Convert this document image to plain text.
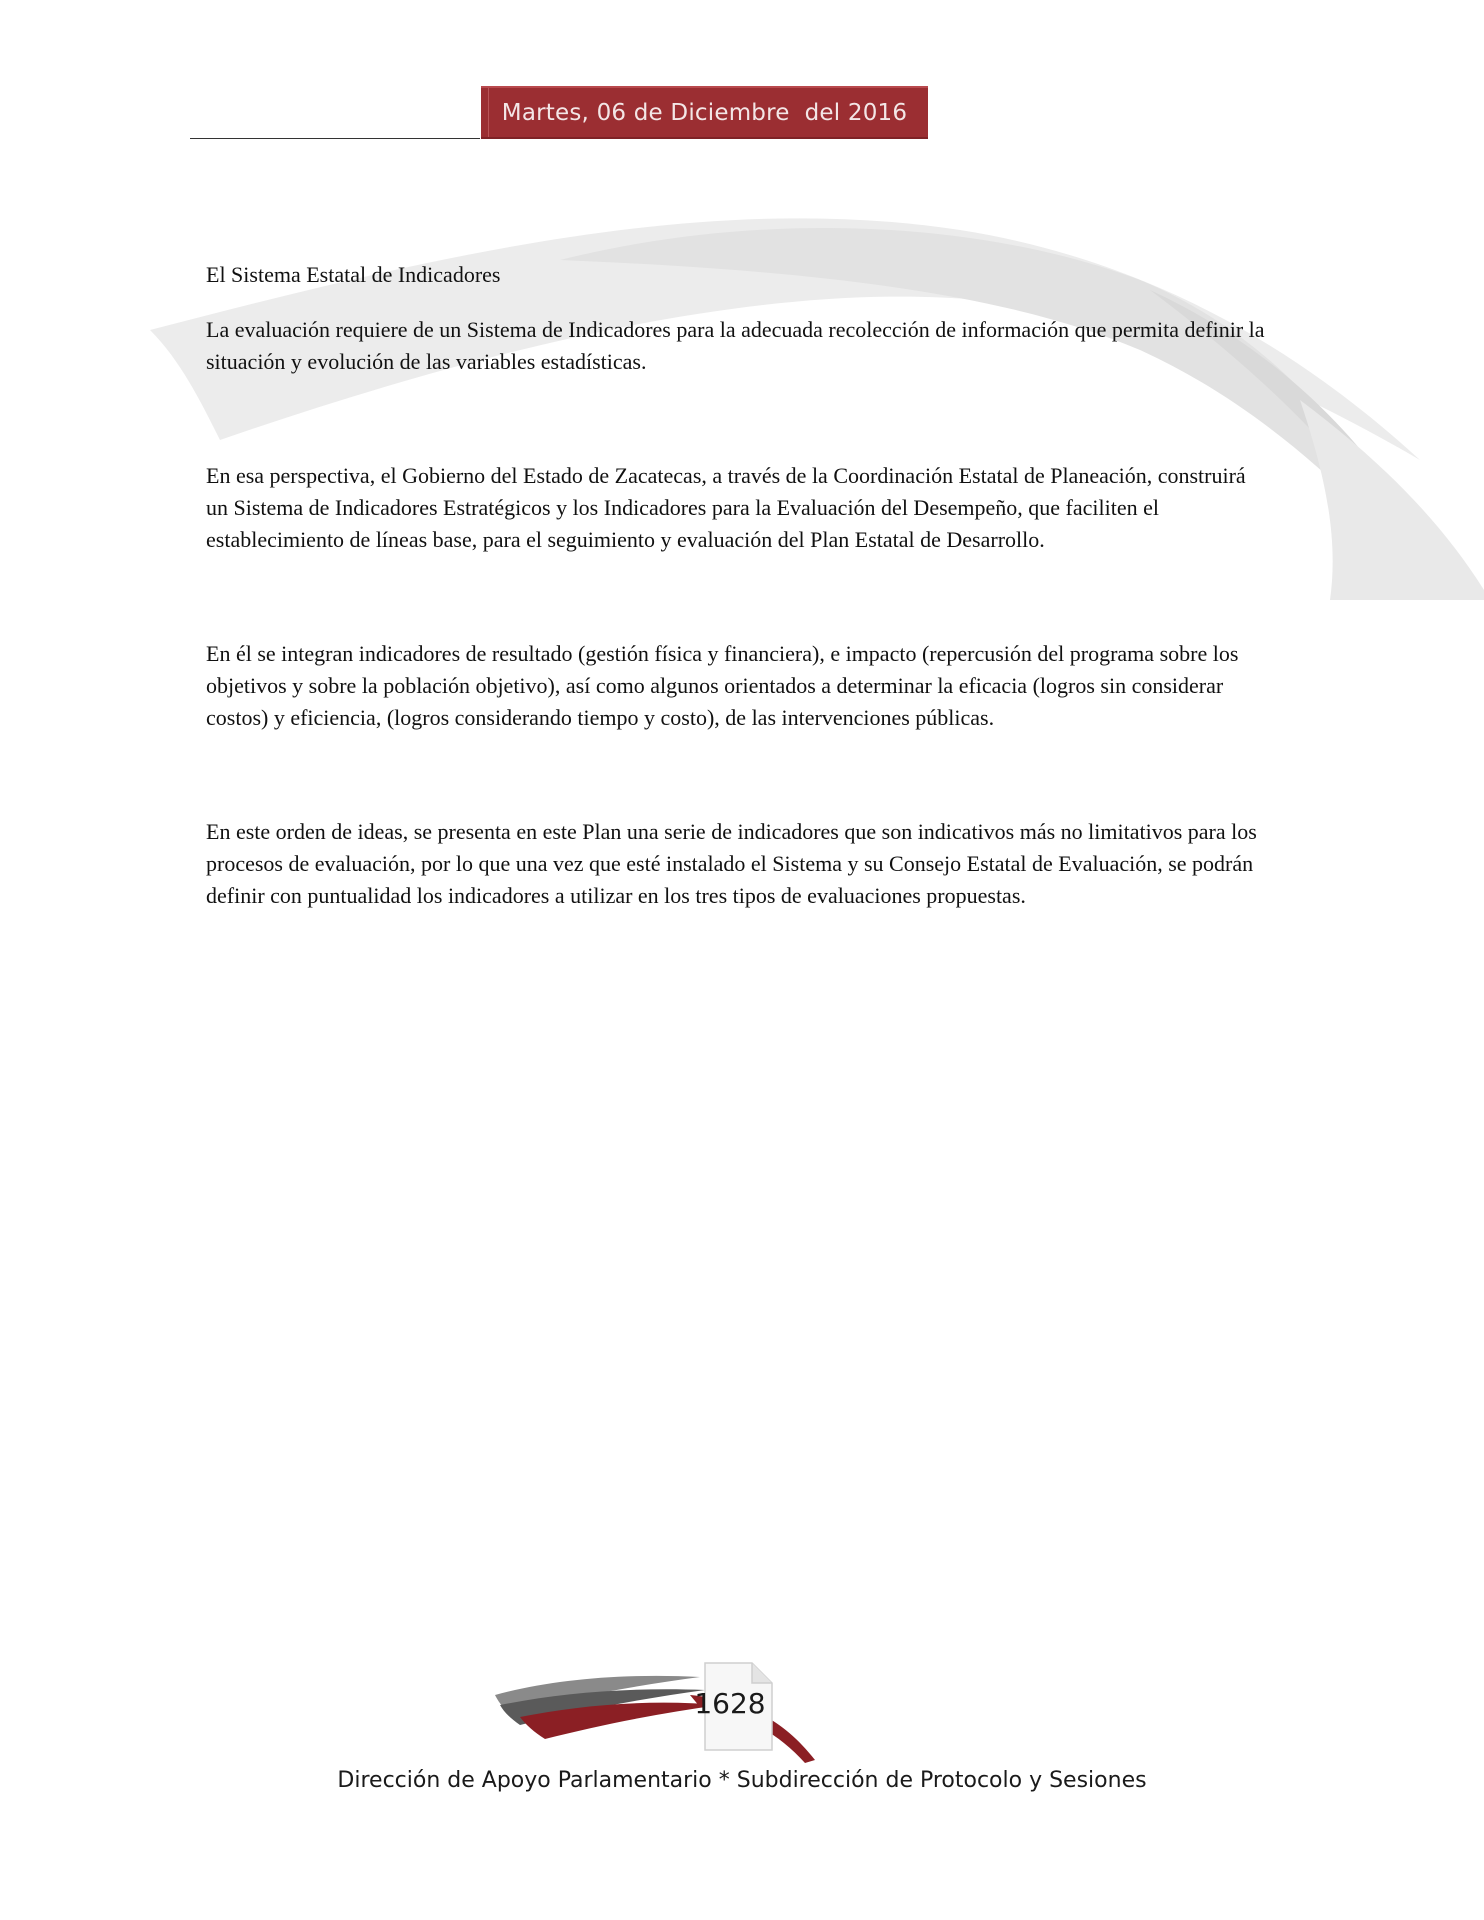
Martes, 06 de Diciembre  del 2016

El Sistema Estatal de Indicadores

La evaluación requiere de un Sistema de Indicadores para la adecuada recolección de información que permita definir la situación y evolución de las variables estadísticas.

En esa perspectiva, el Gobierno del Estado de Zacatecas, a través de la Coordinación Estatal de Planeación, construirá un Sistema de Indicadores Estratégicos y los Indicadores para la Evaluación del Desempeño, que faciliten el establecimiento de líneas base, para el seguimiento y evaluación del Plan Estatal de Desarrollo.

En él se integran indicadores de resultado (gestión física y financiera), e impacto (repercusión del programa sobre los objetivos y sobre la población objetivo), así como algunos orientados a determinar la eficacia (logros sin considerar costos) y eficiencia, (logros considerando tiempo y costo), de las intervenciones públicas.

En este orden de ideas, se presenta en este Plan una serie de indicadores que son indicativos más no limitativos para los procesos de evaluación, por lo que una vez que esté instalado el Sistema y su Consejo Estatal de Evaluación, se podrán definir con puntualidad los indicadores a utilizar en los tres tipos de evaluaciones propuestas.

1628
Dirección de Apoyo Parlamentario * Subdirección de Protocolo y Sesiones
